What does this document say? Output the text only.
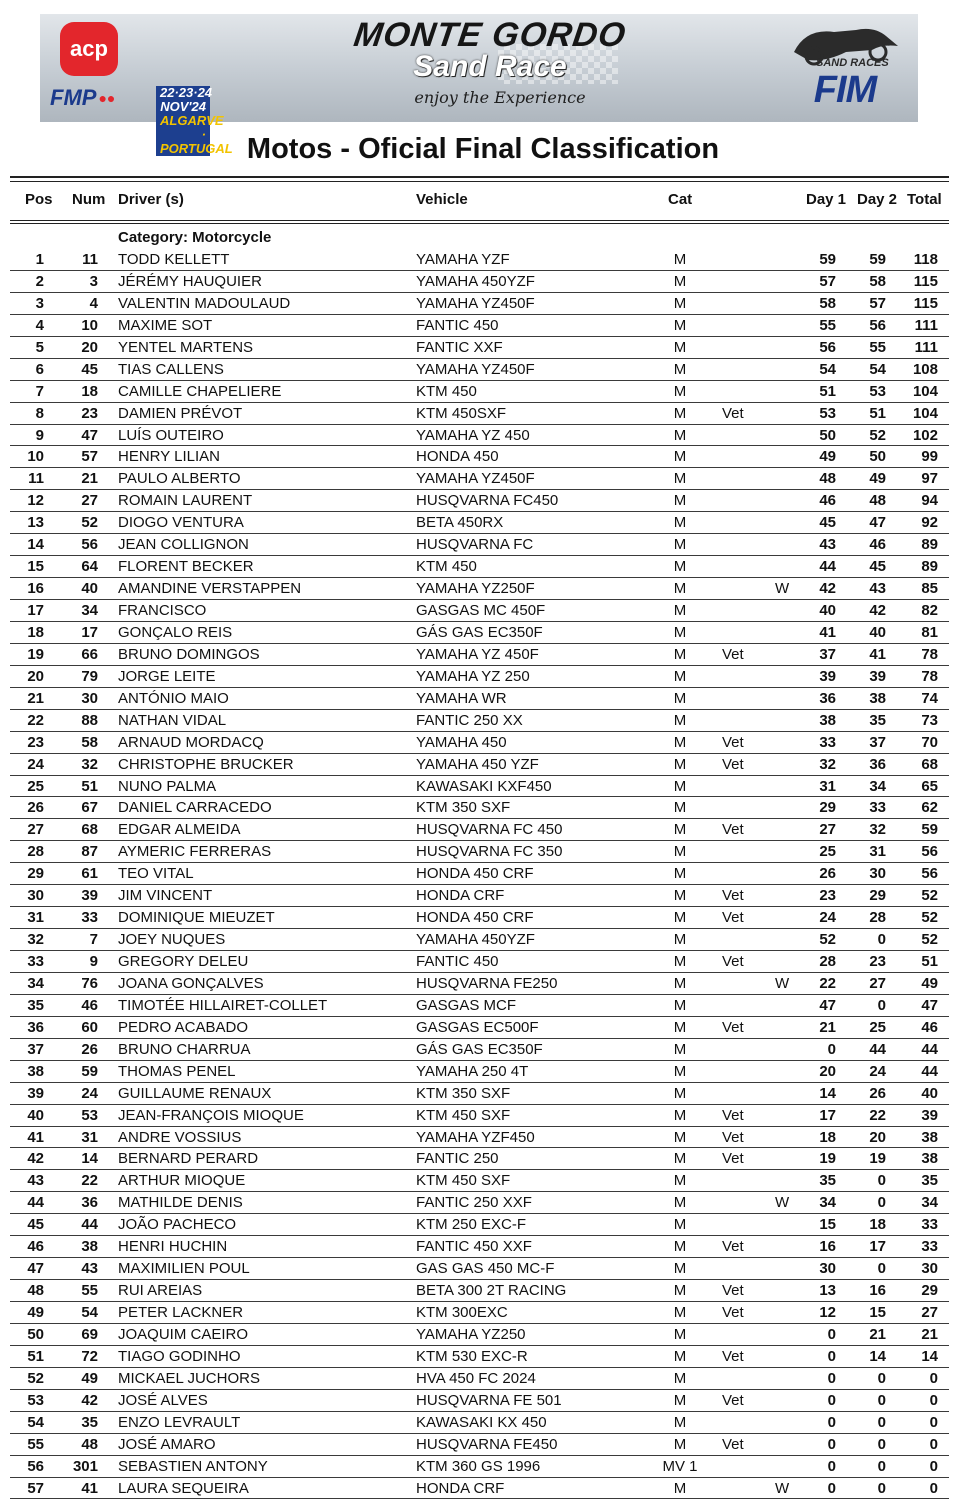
acp
FMP ●●	22·23·24 NOV'24
ALGARVE · PORTUGAL
MONTE GORDO
Sand Race
enjoy the Experience
SAND RACES
FIM
Motos - Oficial Final Classification
Pos Num Driver (s)	Vehicle	Cat	Day 1 Day 2 Total
Category: Motorcycle
1	11 TODD KELLETT	YAMAHA YZF	M	59	59	118
2	3 JÉRÉMY HAUQUIER	YAMAHA 450YZF	M	57	58	115
3	4 VALENTIN MADOULAUD	YAMAHA YZ450F	M	58	57	115
4	10 MAXIME SOT	FANTIC 450	M	55	56	111
5	20 YENTEL MARTENS	FANTIC XXF	M	56	55	111
6	45 TIAS CALLENS	YAMAHA YZ450F	M	54	54	108
7	18 CAMILLE CHAPELIERE	KTM 450	M	51	53	104
8	23 DAMIEN PRÉVOT	KTM 450SXF	M	Vet	53	51	104
9	47 LUÍS OUTEIRO	YAMAHA YZ 450	M	50	52	102
10	57 HENRY LILIAN	HONDA 450	M	49	50	99
11	21 PAULO ALBERTO	YAMAHA YZ450F	M	48	49	97
12	27 ROMAIN LAURENT	HUSQVARNA FC450	M	46	48	94
13	52 DIOGO VENTURA	BETA 450RX	M	45	47	92
14	56 JEAN COLLIGNON	HUSQVARNA FC	M	43	46	89
15	64 FLORENT BECKER	KTM 450	M	44	45	89
16	40 AMANDINE VERSTAPPEN	YAMAHA YZ250F	M	W	42	43	85
17	34 FRANCISCO	GASGAS MC 450F	M	40	42	82
18	17 GONÇALO REIS	GÁS GAS EC350F	M	41	40	81
19	66 BRUNO DOMINGOS	YAMAHA YZ 450F	M	Vet	37	41	78
20	79 JORGE LEITE	YAMAHA YZ 250	M	39	39	78
21	30 ANTÓNIO MAIO	YAMAHA WR	M	36	38	74
22	88 NATHAN VIDAL	FANTIC 250 XX	M	38	35	73
23	58 ARNAUD MORDACQ	YAMAHA 450	M	Vet	33	37	70
24	32 CHRISTOPHE BRUCKER	YAMAHA 450 YZF	M	Vet	32	36	68
25	51 NUNO PALMA	KAWASAKI KXF450	M	31	34	65
26	67 DANIEL CARRACEDO	KTM 350 SXF	M	29	33	62
27	68 EDGAR ALMEIDA	HUSQVARNA FC 450	M	Vet	27	32	59
28	87 AYMERIC FERRERAS	HUSQVARNA FC 350	M	25	31	56
29	61 TEO VITAL	HONDA 450 CRF	M	26	30	56
30	39 JIM VINCENT	HONDA CRF	M	Vet	23	29	52
31	33 DOMINIQUE MIEUZET	HONDA 450 CRF	M	Vet	24	28	52
32	7 JOEY NUQUES	YAMAHA 450YZF	M	52	0	52
33	9 GREGORY DELEU	FANTIC 450	M	Vet	28	23	51
34	76 JOANA GONÇALVES	HUSQVARNA FE250	M	W	22	27	49
35	46 TIMOTÉE HILLAIRET-COLLET	GASGAS MCF	M	47	0	47
36	60 PEDRO ACABADO	GASGAS EC500F	M	Vet	21	25	46
37	26 BRUNO CHARRUA	GÁS GAS EC350F	M	0	44	44
38	59 THOMAS PENEL	YAMAHA 250 4T	M	20	24	44
39	24 GUILLAUME RENAUX	KTM 350 SXF	M	14	26	40
40	53 JEAN-FRANÇOIS MIOQUE	KTM 450 SXF	M	Vet	17	22	39
41	31 ANDRE VOSSIUS	YAMAHA YZF450	M	Vet	18	20	38
42	14 BERNARD PERARD	FANTIC 250	M	Vet	19	19	38
43	22 ARTHUR MIOQUE	KTM 450 SXF	M	35	0	35
44	36 MATHILDE DENIS	FANTIC 250 XXF	M	W	34	0	34
45	44 JOÃO PACHECO	KTM 250 EXC-F	M	15	18	33
46	38 HENRI HUCHIN	FANTIC 450 XXF	M	Vet	16	17	33
47	43 MAXIMILIEN POUL	GAS GAS 450 MC-F	M	30	0	30
48	55 RUI AREIAS	BETA 300 2T RACING	M	Vet	13	16	29
49	54 PETER LACKNER	KTM 300EXC	M	Vet	12	15	27
50	69 JOAQUIM CAEIRO	YAMAHA YZ250	M	0	21	21
51	72 TIAGO GODINHO	KTM 530 EXC-R	M	Vet	0	14	14
52	49 MICKAEL JUCHORS	HVA 450 FC 2024	M	0	0	0
53	42 JOSÉ ALVES	HUSQVARNA FE 501	M	Vet	0	0	0
54	35 ENZO LEVRAULT	KAWASAKI KX 450	M	0	0	0
55	48 JOSÉ AMARO	HUSQVARNA FE450	M	Vet	0	0	0
56	301 SEBASTIEN ANTONY	KTM 360 GS 1996	MV 1	0	0	0
57	41 LAURA SEQUEIRA	HONDA CRF	M	W	0	0	0
